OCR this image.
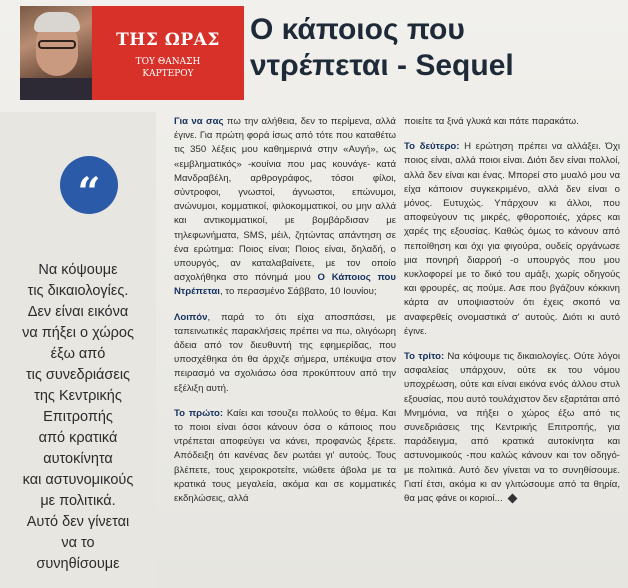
ΤΗΣ ΩΡΑΣ
ΤΟΥ ΘΑΝΑΣΗ
ΚΑΡΤΕΡΟΥ
Ο κάποιος που
ντρέπεται - Sequel
“

Να κόψουμε
τις δικαιολογίες.
Δεν είναι εικόνα
να πήξει ο χώρος
έξω από
τις συνεδριάσεις
της Κεντρικής
Επιτροπής
από κρατικά
αυτοκίνητα
και αστυνομικούς
με πολιτικά.
Αυτό δεν γίνεται
να το
συνηθίσουμε

Για να σας πω την αλήθεια, δεν το περίμενα, αλλά έγινε. Για πρώτη φορά ίσως από τότε που καταθέτω τις 350 λέξεις μου καθημερινά στην «Αυγή», ως «εμβληματικός» -κουίνια που μας κουνάγε- κατά Μανδραβέλη, αρθρογράφος, τόσοι φίλοι, σύντροφοι, γνωστοί, άγνωστοι, επώνυμοι, ανώνυμοι, κομματικοί, φιλοκομματικοί, ου μην αλλά και αντικομματικοί, με βομβάρδισαν με τηλεφωνήματα, SMS, μέιλ, ζητώντας απάντηση σε ένα ερώτημα: Ποιος είναι; Ποιος είναι, δηλαδή, ο υπουργός, αν καταλαβαίνετε, με τον οποίο ασχολήθηκα στο πόνημά μου Ο Κάποιος που Ντρέπεται, το περασμένο Σάββατο, 10 Ιουνίου;

Λοιπόν, παρά το ότι είχα αποσπάσει, με ταπεινωτικές παρακλήσεις πρέπει να πω, ολιγόωρη άδεια από τον διευθυντή της εφημερίδας, που υποσχέθηκα ότι θα άρχιζε σήμερα, υπέκυψα στον πειρασμό να σχολιάσω όσα προκύπτουν από την εξέλιξη αυτή.

Το πρώτο: Καίει και τσουζει πολλούς το θέμα. Και το ποιοι είναι όσοι κάνουν όσα ο κάποιος που ντρέπεται αποφεύγει να κάνει, προφανώς ξέρετε. Απόδειξη ότι κανένας δεν ρωτάει γι' αυτούς. Τους βλέπετε, τους χειροκροτείτε, νιώθετε άβολα με τα κρατικά τους μεγαλεία, ακόμα και σε κομματικές εκδηλώσεις, αλλά

ποιείτε τα ξινά γλυκά και πάτε παρακάτω.

Το δεύτερο: Η ερώτηση πρέπει να αλλάξει. Όχι ποιος είναι, αλλά ποιοι είναι. Διότι δεν είναι πολλοί, αλλά δεν είναι και ένας. Μπορεί στο μυαλό μου να είχα κάποιον συγκεκριμένο, αλλά δεν είναι ο μόνος. Ευτυχώς. Υπάρχουν κι άλλοι, που αποφεύγουν τις μικρές, φθοροποιές, χάρες και χαρές της εξουσίας. Καθώς όμως το κάνουν από πεποίθηση και όχι για φιγούρα, ουδείς οργάνωσε μια πονηρή διαρροή -ο υπουργός που μου κυκλοφορεί με το δικό του αμάξι, χωρίς οδηγούς και φρουρές, ας πούμε. Ασε που βγάζουν κόκκινη κάρτα αν υποψιαστούν ότι έχεις σκοπό να αναφερθείς ονομαστικά σ' αυτούς. Διότι κι αυτό έγινε.

Το τρίτο: Να κόψουμε τις δικαιολογίες. Ούτε λόγοι ασφαλείας υπάρχουν, ούτε εκ του νόμου υποχρέωση, ούτε και είναι εικόνα ενός άλλου στυλ εξουσίας, που αυτό τουλάχιστον δεν εξαρτάται από Μνημόνια, να πήξει ο χώρος έξω από τις συνεδριάσεις της Κεντρικής Επιτροπής, για παράδειγμα, από κρατικά αυτοκίνητα και αστυνομικούς -που καλώς κάνουν και τον οδηγό- με πολιτικά. Αυτό δεν γίνεται να το συνηθίσουμε. Γιατί έτσι, ακόμα κι αν γλιτώσουμε από τα θηρία, θα μας φάνε οι κοριοί...
